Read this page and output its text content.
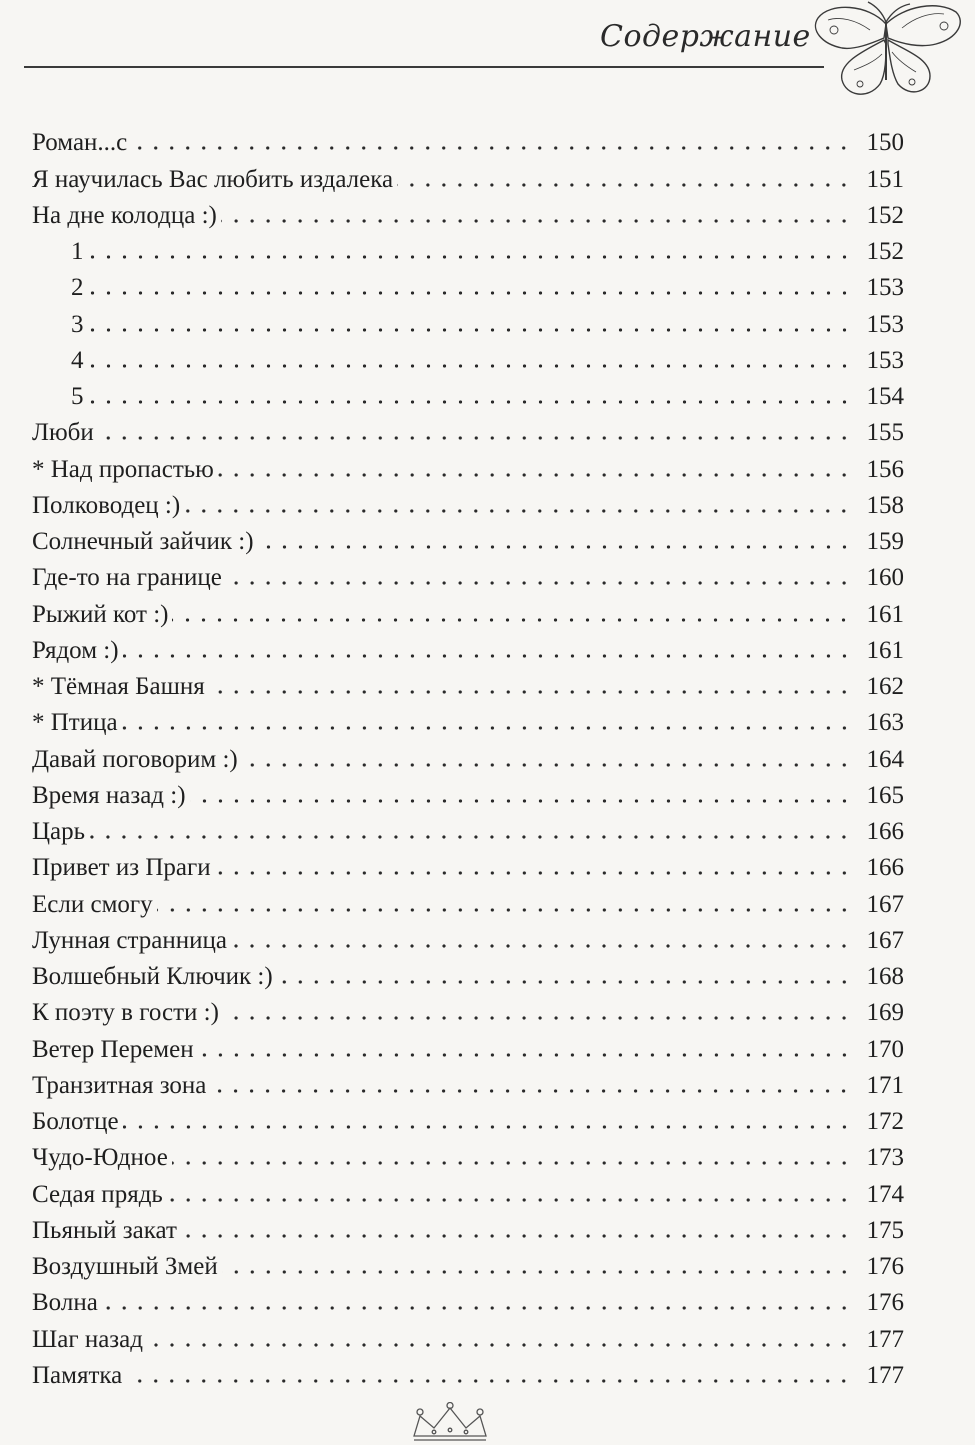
Содержание
Роман...с	150
Я научилась Вас любить издалека	151
На дне колодца :)	152
1	152
2	153
3	153
4	153
5	154
Люби	155
* Над пропастью	156
Полководец :)	158
Солнечный зайчик :)	159
Где-то на границе	160
Рыжий кот :)	161
Рядом :)	161
* Тёмная Башня	162
* Птица	163
Давай поговорим :)	164
Время назад :)	165
Царь	166
Привет из Праги	166
Если смогу	167
Лунная странница	167
Волшебный Ключик :)	168
К поэту в гости :)	169
Ветер Перемен	170
Транзитная зона	171
Болотце	172
Чудо-Юдное	173
Седая прядь	174
Пьяный закат	175
Воздушный Змей	176
Волна	176
Шаг назад	177
Памятка	177
